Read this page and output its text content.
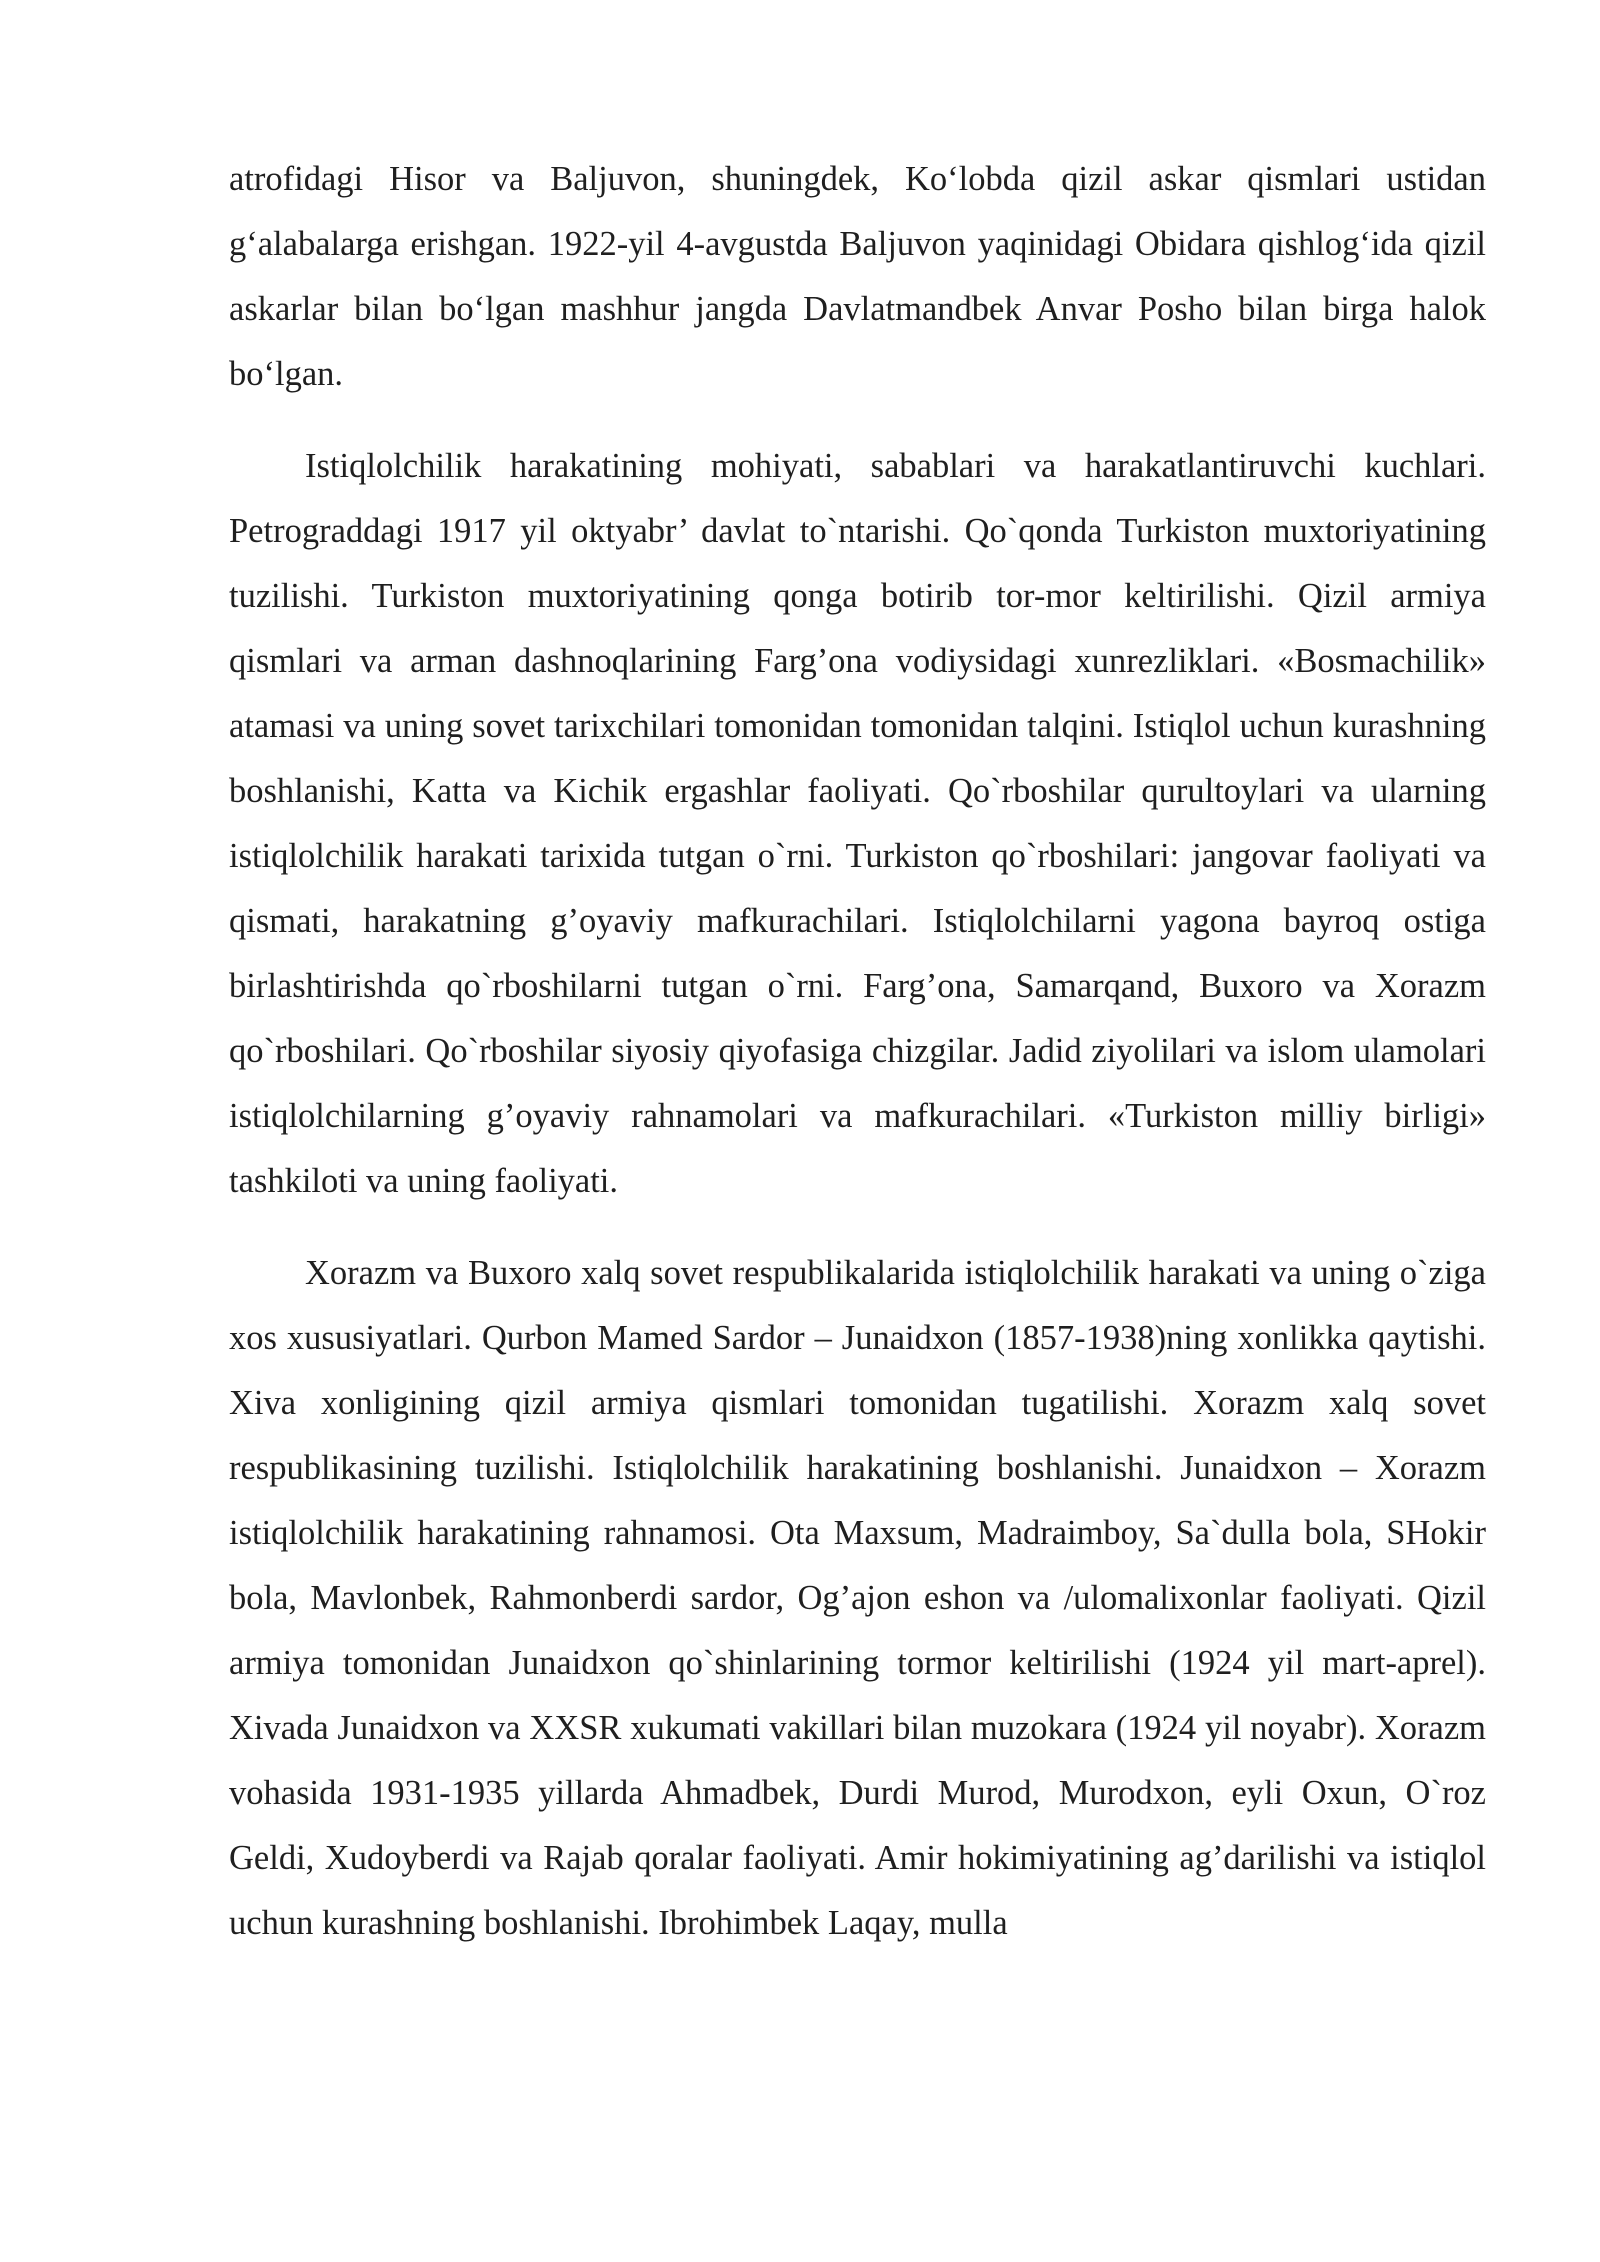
atrofidagi Hisor va Baljuvon, shuningdek, Ko‘lobda qizil askar qismlari ustidan g‘alabalarga erishgan. 1922-yil 4-avgustda Baljuvon yaqinidagi Obidara qishlog‘ida qizil askarlar bilan bo‘lgan mashhur jangda Davlatmandbek Anvar Posho bilan birga halok bo‘lgan.

Istiqlolchilik harakatining mohiyati, sabablari va harakatlantiruvchi kuchlari. Petrograddagi 1917 yil oktyabr’ davlat to`ntarishi. Qo`qonda Turkiston muxtoriyatining tuzilishi. Turkiston muxtoriyatining qonga botirib tor-mor keltirilishi. Qizil armiya qismlari va arman dashnoqlarining Farg’ona vodiysidagi xunrezliklari. «Bosmachilik» atamasi va uning sovet tarixchilari tomonidan tomonidan talqini. Istiqlol uchun kurashning boshlanishi, Katta va Kichik ergashlar faoliyati. Qo`rboshilar qurultoylari va ularning istiqlolchilik harakati tarixida tutgan o`rni. Turkiston qo`rboshilari: jangovar faoliyati va qismati, harakatning g’oyaviy mafkurachilari. Istiqlolchilarni yagona bayroq ostiga birlashtirishda qo`rboshilarni tutgan o`rni. Farg’ona, Samarqand, Buxoro va Xorazm qo`rboshilari. Qo`rboshilar siyosiy qiyofasiga chizgilar. Jadid ziyolilari va islom ulamolari istiqlolchilarning g’oyaviy rahnamolari va mafkurachilari. «Turkiston milliy birligi» tashkiloti va uning faoliyati.

Xorazm va Buxoro xalq sovet respublikalarida istiqlolchilik harakati va uning o`ziga xos xususiyatlari. Qurbon Mamed Sardor – Junaidxon (1857-1938)ning xonlikka qaytishi. Xiva xonligining qizil armiya qismlari tomonidan tugatilishi. Xorazm xalq sovet respublikasining tuzilishi. Istiqlolchilik harakatining boshlanishi. Junaidxon – Xorazm istiqlolchilik harakatining rahnamosi. Ota Maxsum, Madraimboy, Sa`dulla bola, SHokir bola, Mavlonbek, Rahmonberdi sardor, Og’ajon eshon va /ulomalixonlar faoliyati. Qizil armiya tomonidan Junaidxon qo`shinlarining tormor keltirilishi (1924 yil mart-aprel). Xivada Junaidxon va XXSR xukumati vakillari bilan muzokara (1924 yil noyabr). Xorazm vohasida 1931-1935 yillarda Ahmadbek, Durdi Murod, Murodxon, eyli Oxun, O`roz Geldi, Xudoyberdi va Rajab qoralar faoliyati. Amir hokimiyatining ag’darilishi va istiqlol uchun kurashning boshlanishi. Ibrohimbek Laqay, mulla
